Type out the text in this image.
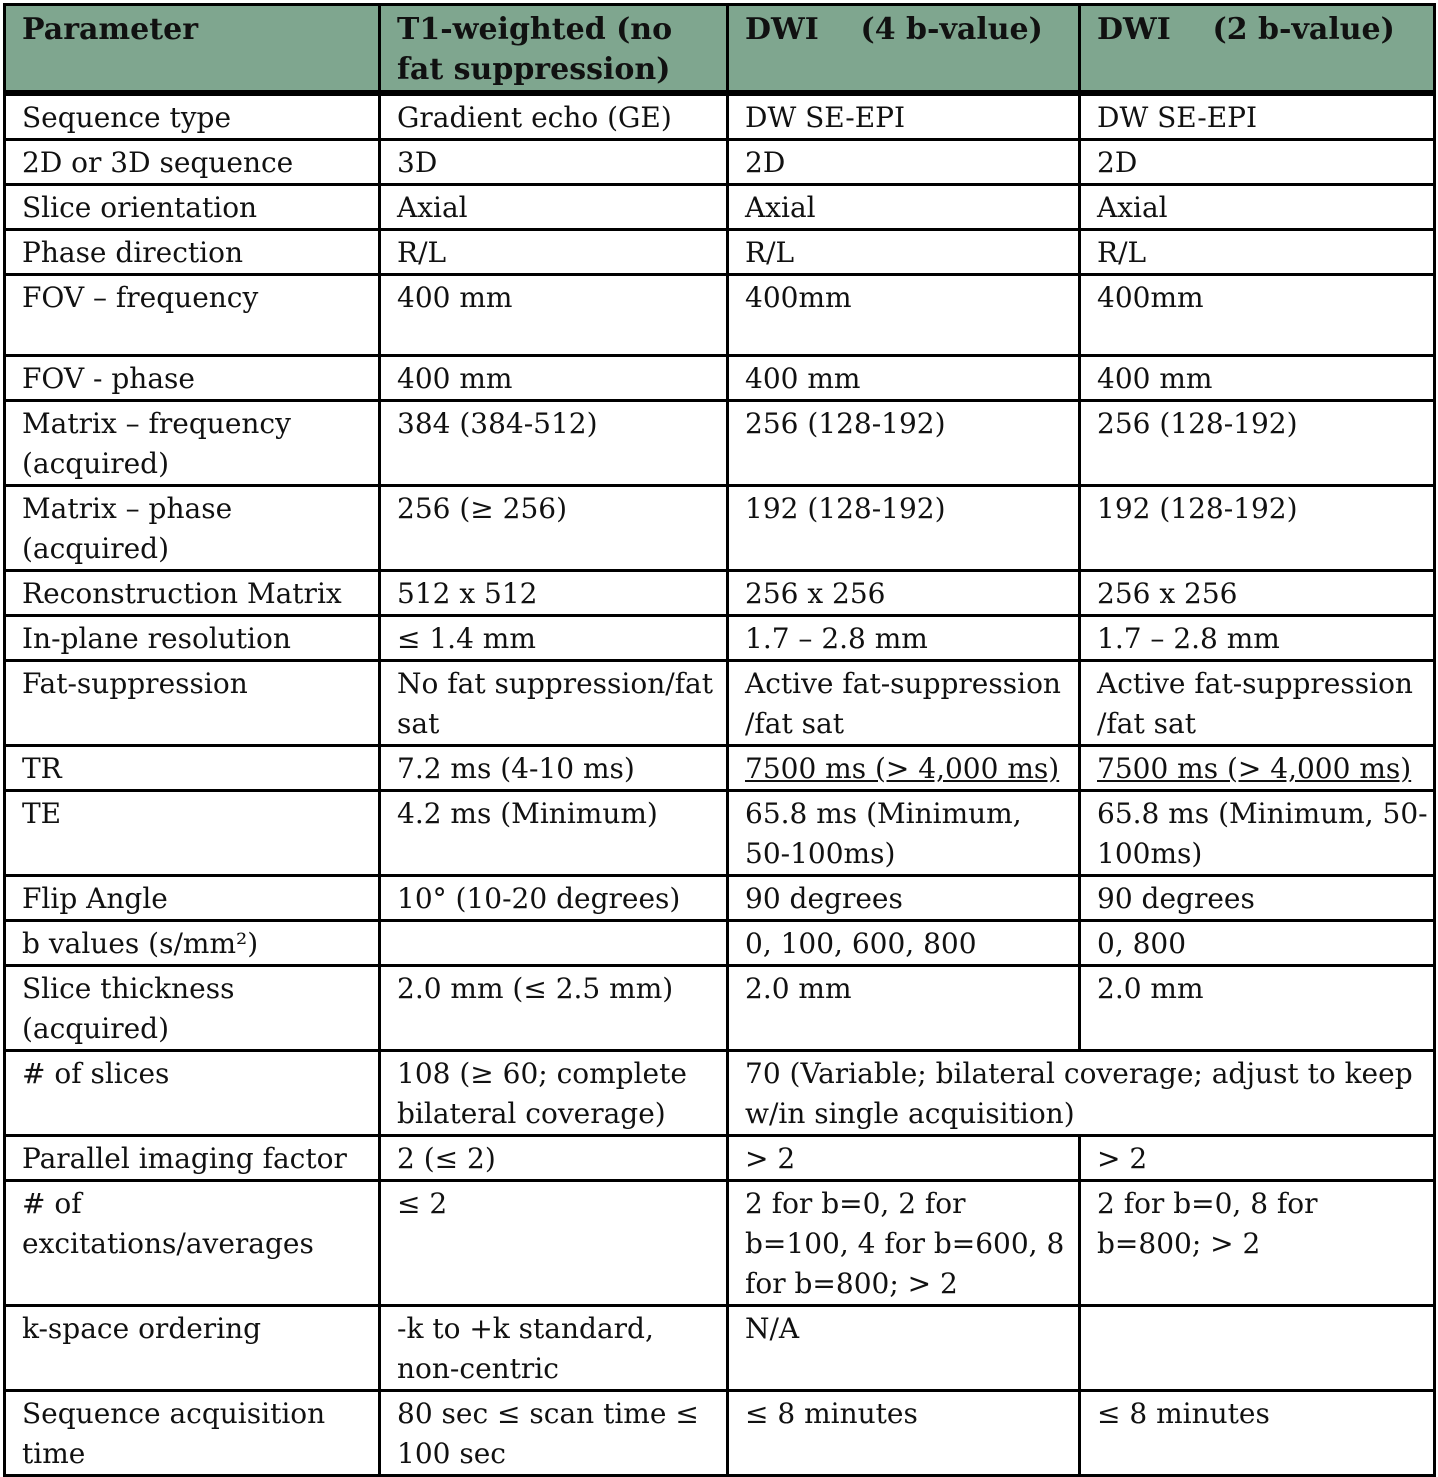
Parameter	T1-weighted (no fat suppression)	DWI    (4 b-value)	DWI    (2 b-value)
Sequence type	Gradient echo (GE)	DW SE-EPI	DW SE-EPI
2D or 3D sequence	3D	2D	2D
Slice orientation	Axial	Axial	Axial
Phase direction	R/L	R/L	R/L
FOV – frequency	400 mm	400mm	400mm
FOV - phase	400 mm	400 mm	400 mm
Matrix – frequency (acquired)	384 (384-512)	256 (128-192)	256 (128-192)
Matrix – phase (acquired)	256 (≥ 256)	192 (128-192)	192 (128-192)
Reconstruction Matrix	512 x 512	256 x 256	256 x 256
In-plane resolution	≤ 1.4 mm	1.7 – 2.8 mm	1.7 – 2.8 mm
Fat-suppression	No fat suppression/fat sat	Active fat-suppression /fat sat	Active fat-suppression /fat sat
TR	7.2 ms (4-10 ms)	7500 ms (> 4,000 ms)	7500 ms (> 4,000 ms)
TE	4.2 ms (Minimum)	65.8 ms (Minimum, 50-100ms)	65.8 ms (Minimum, 50-100ms)
Flip Angle	10° (10-20 degrees)	90 degrees	90 degrees
b values (s/mm²)		0, 100, 600, 800	0, 800
Slice thickness (acquired)	2.0 mm (≤ 2.5 mm)	2.0 mm	2.0 mm
# of slices	108 (≥ 60; complete bilateral coverage)	70 (Variable; bilateral coverage; adjust to keep w/in single acquisition)	
Parallel imaging factor	2 (≤ 2)	> 2	> 2
# of excitations/averages	≤ 2	2 for b=0, 2 for b=100, 4 for b=600, 8 for b=800; > 2	2 for b=0, 8 for b=800; > 2
k-space ordering	-k to +k standard, non-centric	N/A	
Sequence acquisition time	80 sec ≤ scan time ≤ 100 sec	≤ 8 minutes	≤ 8 minutes
